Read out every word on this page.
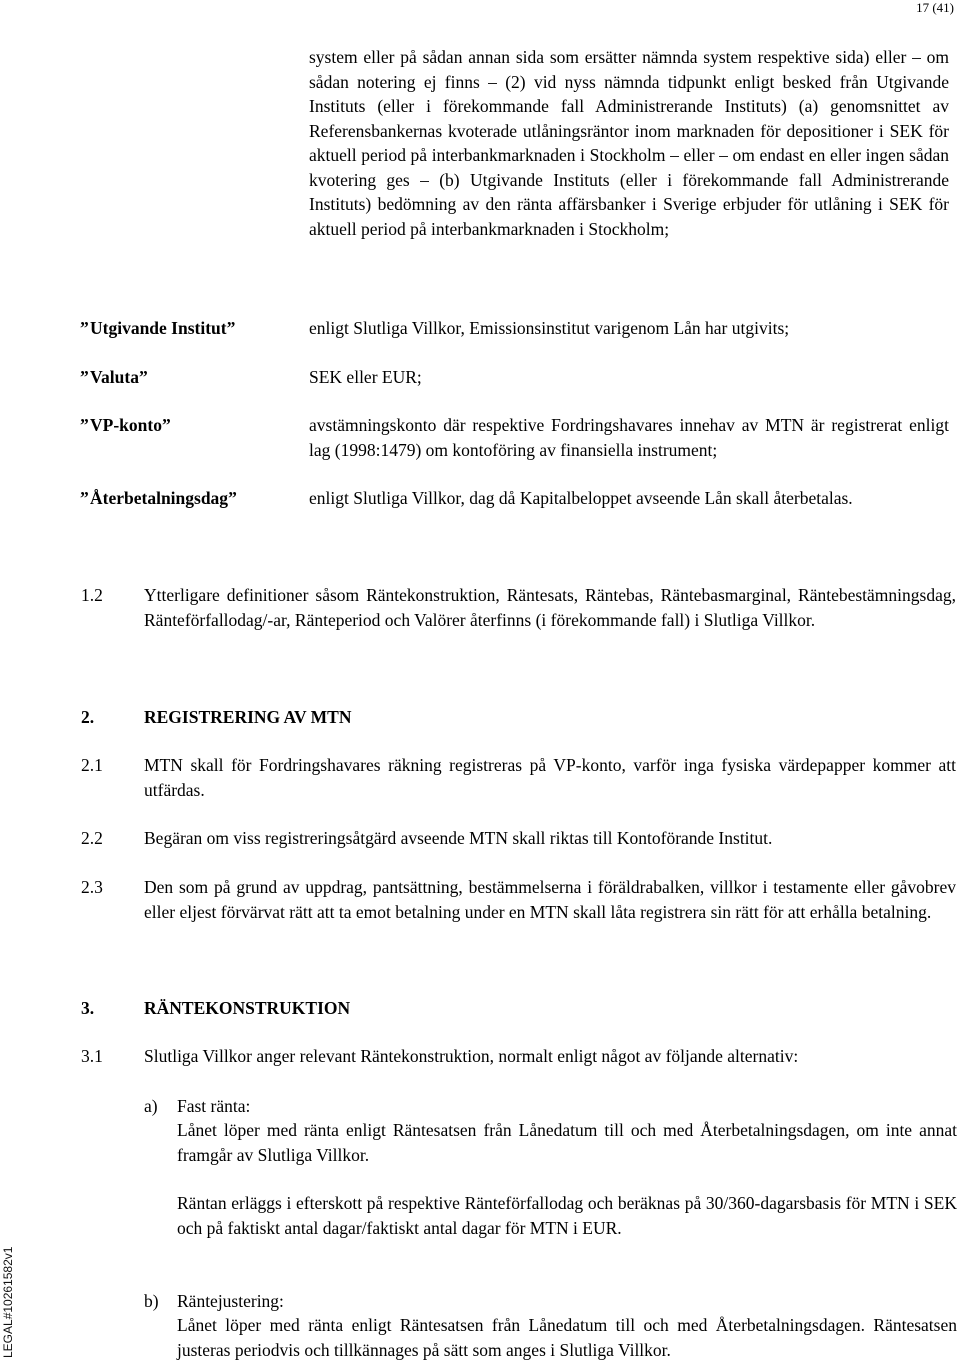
17 (41)
LEGAL#10261582v1
system eller på sådan annan sida som ersätter nämnda system respektive sida) eller – om sådan notering ej finns – (2) vid nyss nämnda tidpunkt enligt besked från Utgivande Instituts (eller i förekommande fall Administrerande Instituts) (a) genomsnittet av Referensbankernas kvoterade utlåningsräntor inom marknaden för depositioner i SEK för aktuell period på interbankmarknaden i Stockholm – eller – om endast en eller ingen sådan kvotering ges – (b) Utgivande Instituts (eller i förekommande fall Administrerande Instituts) bedömning av den ränta affärsbanker i Sverige erbjuder för utlåning i SEK för aktuell period på interbankmarknaden i Stockholm;
”Utgivande Institut”	enligt Slutliga Villkor, Emissionsinstitut varigenom Lån har utgivits;
”Valuta”	SEK eller EUR;
”VP-konto”	avstämningskonto där respektive Fordringshavares innehav av MTN är registrerat enligt lag (1998:1479) om kontoföring av finansiella instrument;
”Återbetalningsdag”	enligt Slutliga Villkor, dag då Kapitalbeloppet avseende Lån skall återbetalas.
1.2 Ytterligare definitioner såsom Räntekonstruktion, Räntesats, Räntebas, Räntebasmarginal, Räntebestämningsdag, Ränteförfallodag/-ar, Ränteperiod och Valörer återfinns (i förekommande fall) i Slutliga Villkor.
2.	REGISTRERING AV MTN
2.1 MTN skall för Fordringshavares räkning registreras på VP-konto, varför inga fysiska värdepapper kommer att utfärdas.
2.2 Begäran om viss registreringsåtgärd avseende MTN skall riktas till Kontoförande Institut.
2.3 Den som på grund av uppdrag, pantsättning, bestämmelserna i föräldrabalken, villkor i testamente eller gåvobrev eller eljest förvärvat rätt att ta emot betalning under en MTN skall låta registrera sin rätt för att erhålla betalning.
3.	RÄNTEKONSTRUKTION
3.1 Slutliga Villkor anger relevant Räntekonstruktion, normalt enligt något av följande alternativ:
a) Fast ränta:
Lånet löper med ränta enligt Räntesatsen från Lånedatum till och med Återbetalningsdagen, om inte annat framgår av Slutliga Villkor.
Räntan erläggs i efterskott på respektive Ränteförfallodag och beräknas på 30/360-dagarsbasis för MTN i SEK och på faktiskt antal dagar/faktiskt antal dagar för MTN i EUR.
b) Räntejustering:
Lånet löper med ränta enligt Räntesatsen från Lånedatum till och med Återbetalningsdagen. Räntesatsen justeras periodvis och tillkännages på sätt som anges i Slutliga Villkor.
